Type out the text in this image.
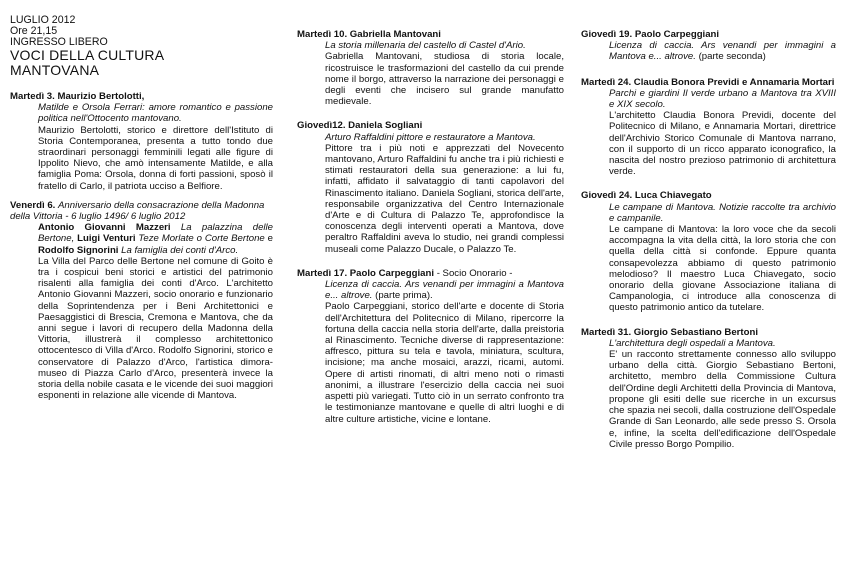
LUGLIO 2012
Ore 21,15
INGRESSO LIBERO
VOCI DELLA CULTURA
MANTOVANA
Martedì 3. Maurizio Bertolotti,

Matilde e Orsola Ferrari: amore romantico e passione politica nell'Ottocento mantovano.

Maurizio Bertolotti, storico e direttore dell'Istituto di Storia Contemporanea, presenta a tutto tondo due straordinari personaggi femminili legati alle figure di Ippolito Nievo, che amò intensamente Matilde, e alla famiglia Poma: Orsola, donna di forti passioni, sposò il fratello di Carlo, il patriota ucciso a Belfiore.

Venerdì 6. Anniversario della consacrazione della Madonna della Vittoria - 6 luglio 1496/ 6 luglio 2012

Antonio Giovanni Mazzeri La palazzina delle Bertone, Luigi Venturi Teze Morlate o Corte Bertone e Rodolfo Signorini La famiglia dei conti d'Arco.

La Villa del Parco delle Bertone nel comune di Goito è tra i cospicui beni storici e artistici del patrimonio risalenti alla famiglia dei conti d'Arco. L'architetto Antonio Giovanni Mazzeri, socio onorario e funzionario della Soprintendenza per i Beni Architettonici e Paesaggistici di Brescia, Cremona e Mantova, che da anni segue i lavori di recupero della Madonna della Vittoria, illustrerà il complesso architettonico ottocentesco di Villa d'Arco. Rodolfo Signorini, storico e conservatore di Palazzo d'Arco, l'artistica dimora-museo di Piazza Carlo d'Arco, presenterà invece la storia della nobile casata e le vicende dei suoi maggiori esponenti in relazione alle vicende di Mantova.

Martedì 10. Gabriella Mantovani

La storia millenaria del castello di Castel d'Ario.

Gabriella Mantovani, studiosa di storia locale, ricostruisce le trasformazioni del castello da cui prende nome il borgo, attraverso la narrazione dei personaggi e degli eventi che incisero sul grande manufatto medievale.

Giovedì12. Daniela Sogliani

Arturo Raffaldini pittore e restauratore a Mantova.

Pittore tra i più noti e apprezzati del Novecento mantovano, Arturo Raffaldini fu anche tra i più richiesti e stimati restauratori della sua generazione: a lui fu, infatti, affidato il salvataggio di tanti capolavori del Rinascimento italiano. Daniela Sogliani, storica dell'arte, responsabile organizzativa del Centro Internazionale d'Arte e di Cultura di Palazzo Te, approfondisce la conoscenza degli interventi operati a Mantova, dove peraltro Raffaldini aveva lo studio, nei grandi complessi museali come Palazzo Ducale, o Palazzo Te.

Martedì 17. Paolo Carpeggiani - Socio Onorario -

Licenza di caccia. Ars venandi per immagini a Mantova e... altrove. (parte prima).

Paolo Carpeggiani, storico dell'arte e docente di Storia dell'Architettura del Politecnico di Milano, ripercorre la fortuna della caccia nella storia dell'arte, dalla preistoria al Rinascimento. Tecniche diverse di rappresentazione: affresco, pittura su tela e tavola, miniatura, scultura, incisione; ma anche mosaici, arazzi, ricami, automi. Opere di artisti rinomati, di altri meno noti o rimasti anonimi, a illustrare l'esercizio della caccia nei suoi aspetti più variegati. Tutto ciò in un serrato confronto tra le testimonianze mantovane e quelle di altri luoghi e di altre culture artistiche, vicine e lontane.

Giovedì 19. Paolo Carpeggiani

Licenza di caccia. Ars venandi per immagini a Mantova e... altrove. (parte seconda)

Martedì 24. Claudia Bonora Previdi e Annamaria Mortari

Parchi e giardini Il verde urbano a Mantova tra XVIII e XIX secolo.

L'architetto Claudia Bonora Previdi, docente del Politecnico di Milano, e Annamaria Mortari, direttrice dell'Archivio Storico Comunale di Mantova narrano, con il supporto di un ricco apparato iconografico, la nascita del nostro prezioso patrimonio di architettura verde.

Giovedì 24. Luca Chiavegato

Le campane di Mantova. Notizie raccolte tra archivio e campanile.

Le campane di Mantova: la loro voce che da secoli accompagna la vita della città, la loro storia che con quella della città si confonde. Eppure quanta consapevolezza abbiamo di questo patrimonio melodioso? Il maestro Luca Chiavegato, socio onorario della giovane Associazione italiana di Campanologia, ci introduce alla conoscenza di questo patrimonio antico da tutelare.

Martedì 31. Giorgio Sebastiano Bertoni

L'architettura degli ospedali a Mantova.

E' un racconto strettamente connesso allo sviluppo urbano della città. Giorgio Sebastiano Bertoni, architetto, membro della Commissione Cultura dell'Ordine degli Architetti della Provincia di Mantova, propone gli esiti delle sue ricerche in un excursus che spazia nei secoli, dalla costruzione dell'Ospedale Grande di San Leonardo, alle sede presso S. Orsola e, infine, la scelta dell'edificazione dell'Ospedale Civile presso Borgo Pompilio.
